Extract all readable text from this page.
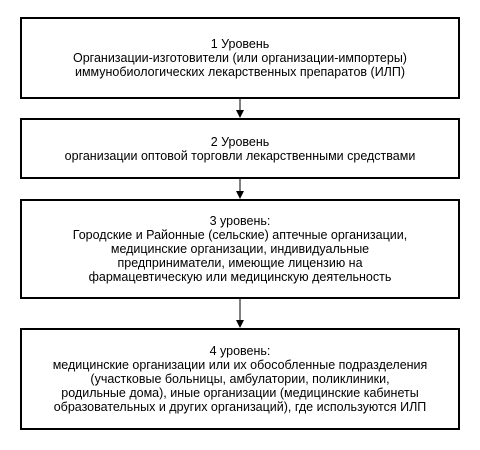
1 Уровень
Организации-изготовители (или организации-импортеры)
иммунобиологических лекарственных препаратов (ИЛП)
2 Уровень
организации оптовой торговли лекарственными средствами
3 уровень:
Городские и Районные (сельские) аптечные организации,
медицинские организации, индивидуальные
предприниматели, имеющие лицензию на
фармацевтическую или медицинскую деятельность
4 уровень:
медицинские организации или их обособленные подразделения
(участковые больницы, амбулатории, поликлиники,
родильные дома), иные организации (медицинские кабинеты
образовательных и других организаций), где используются ИЛП
